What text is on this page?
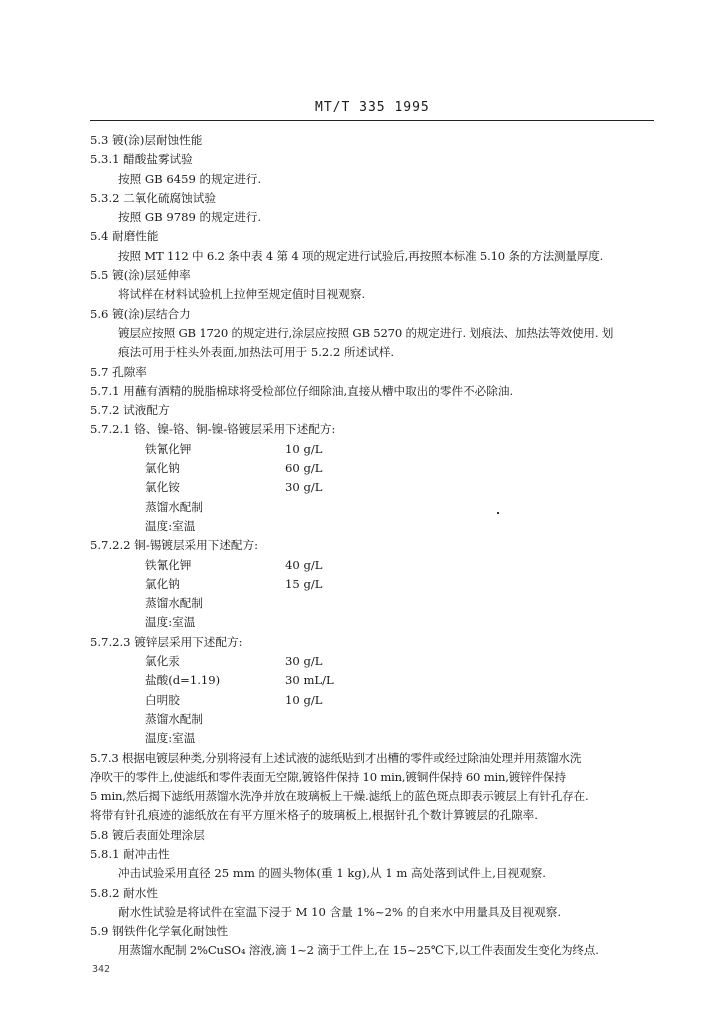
MT/T 335 1995
5.3 镀(涂)层耐蚀性能
5.3.1 醋酸盐雾试验
按照 GB 6459 的规定进行.
5.3.2 二氧化硫腐蚀试验
按照 GB 9789 的规定进行.
5.4 耐磨性能
按照 MT 112 中 6.2 条中表 4 第 4 项的规定进行试验后,再按照本标准 5.10 条的方法测量厚度.
5.5 镀(涂)层延伸率
将试样在材料试验机上拉伸至规定值时目视观察.
5.6 镀(涂)层结合力
镀层应按照 GB 1720 的规定进行,涂层应按照 GB 5270 的规定进行. 划痕法、加热法等效使用. 划
痕法可用于柱头外表面,加热法可用于 5.2.2 所述试样.
5.7 孔隙率
5.7.1 用蘸有酒精的脱脂棉球将受检部位仔细除油,直接从槽中取出的零件不必除油.
5.7.2 试液配方
5.7.2.1 铬、镍-铬、铜-镍-铬镀层采用下述配方:
铁氰化钾	10 g/L
氯化钠	60 g/L
氯化铵	30 g/L
蒸馏水配制
温度:室温
5.7.2.2 铜-锡镀层采用下述配方:
铁氰化钾	40 g/L
氯化钠	15 g/L
蒸馏水配制
温度:室温
5.7.2.3 镀锌层采用下述配方:
氯化汞	30 g/L
盐酸(d=1.19)	30 mL/L
白明胶	10 g/L
蒸馏水配制
温度:室温
5.7.3 根据电镀层种类,分别将浸有上述试液的滤纸贴到才出槽的零件或经过除油处理并用蒸馏水洗
净吹干的零件上,使滤纸和零件表面无空隙,镀铬件保持 10 min,镀铜件保持 60 min,镀锌件保持
5 min,然后揭下滤纸用蒸馏水洗净并放在玻璃板上干燥.滤纸上的蓝色斑点即表示镀层上有针孔存在.
将带有针孔痕迹的滤纸放在有平方厘米格子的玻璃板上,根据针孔个数计算镀层的孔隙率.
5.8 镀后表面处理涂层
5.8.1 耐冲击性
冲击试验采用直径 25 mm 的圆头物体(重 1 kg),从 1 m 高处落到试件上,目视观察.
5.8.2 耐水性
耐水性试验是将试件在室温下浸于 M 10 含量 1%~2% 的自来水中用量具及目视观察.
5.9 钢铁件化学氧化耐蚀性
用蒸馏水配制 2%CuSO₄ 溶液,滴 1~2 滴于工件上,在 15~25℃下,以工件表面发生变化为终点.
342
